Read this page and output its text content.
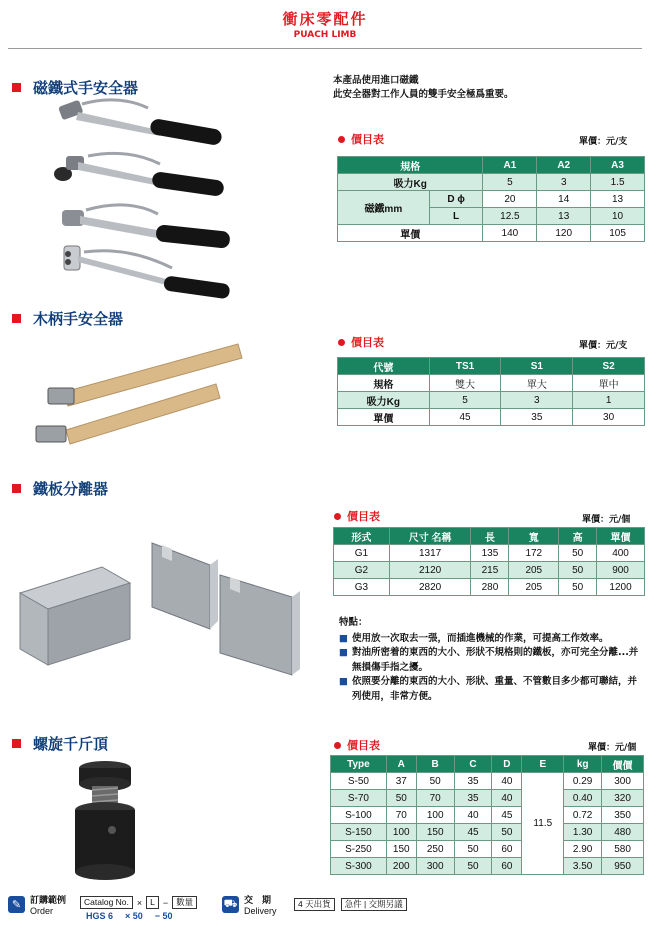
衝床零配件
PUACH LIMB
磁鐵式手安全器	本產品使用進口磁鐵
此安全器對工作人員的雙手安全極爲重要。
價目表	單價：元/支
規格		A1	A2	A3
吸力Kg		5	3	1.5
磁鐵mm	D ϕ	20	14	13
	L	12.5	13	10
單價		140	120	105
木柄手安全器
價目表	單價：元/支
代號	TS1	S1	S2
規格	雙大	單大	單中
吸力Kg	5	3	1
單價	45	35	30
鐵板分離器
價目表	單價：元/個
形式	尺寸 名稱	長	寬	高	單價
G1	1317	135	172	50	400
G2	2120	215	205	50	900
G3	2820	280	205	50	1200
特點：
■ 使用放一次取去一張，而插進機械的作業，可提高工作效率。
■ 對油所密着的東西的大小、形狀不規格則的鐵板，亦可完全分離...并無損傷手指之擾。
■ 依照要分離的東西的大小、形狀、重量、不管數目多少都可聯結，并列使用，非常方便。
螺旋千斤頂	價目表	單價：元/個
Type	A	B	C	D	E	kg	價價
S-50	37	50	35	40	11.5	0.29	300
S-70	50	70	35	40		0.40	320
S-100	70	100	40	45		0.72	350
S-150	100	150	45	50		1.30	480
S-250	150	250	50	60		2.90	580
S-300	200	300	50	60		3.50	950
✎ 訂購範例
Order
Catalog No. × L − 數量
HGS 6 × 50 − 50
⛟ 交　期
Delivery
4 天出貨	急件 | 交期另議
